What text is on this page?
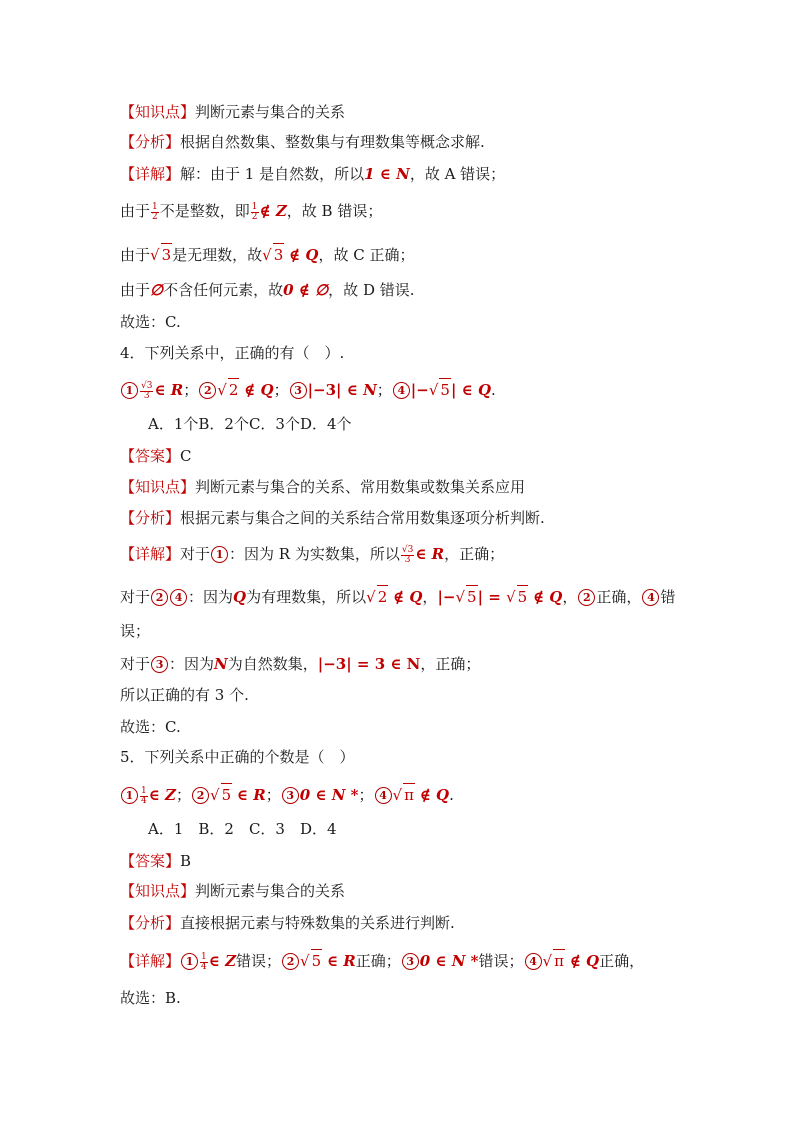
【知识点】判断元素与集合的关系
【分析】根据自然数集、整数集与有理数集等概念求解.
【详解】解：由于 1 是自然数，所以1 ∈ N，故 A 错误；
由于 $\frac{1}{2}$ 不是整数，即 $\frac{1}{2}$ ∉ Z，故 B 错误；
由于√ 3是无理数，故√ 3 ∉ Q，故 C 正确；
由于∅不含任何元素，故0 ∉ ∅，故 D 错误.
故选：C.
4．下列关系中，正确的有（　）.
$1 \frac{√3}{3}$ ∈ R； 2 √ 2 ∉ Q； 3 |−3| ∈ N； 4 |−√ 5| ∈ Q.
A．1个B．2个C．3个D．4个
【答案】C
【知识点】判断元素与集合的关系、常用数集或数集关系应用
【分析】根据元素与集合之间的关系结合常用数集逐项分析判断.
【详解】对于 1 ：因为 R 为实数集，所以 $\frac{√3}{3}$ ∈ R，正确；
对于 2 4 ：因为Q为有理数集，所以√ 2 ∉ Q，|−√ 5| = √ 5 ∉ Q， 2 正确， 4 错
误；
对于 3 ：因为N为自然数集，|−3| = 3 ∈ N，正确；
所以正确的有 3 个.
故选：C.
5．下列关系中正确的个数是（　）
$1 \frac{1}{4}$ ∈ Z； 2 √ 5 ∈ R； 3 0 ∈ N *； 4 √ π ∉ Q.
A．1　B．2　C．3　D．4
【答案】B
【知识点】判断元素与集合的关系
【分析】直接根据元素与特殊数集的关系进行判断.
【详解】 $1 \frac{1}{4}$ ∈ Z错误； 2 √ 5 ∈ R正确； 3 0 ∈ N *错误； 4 √ π ∉ Q正确，
故选：B.
